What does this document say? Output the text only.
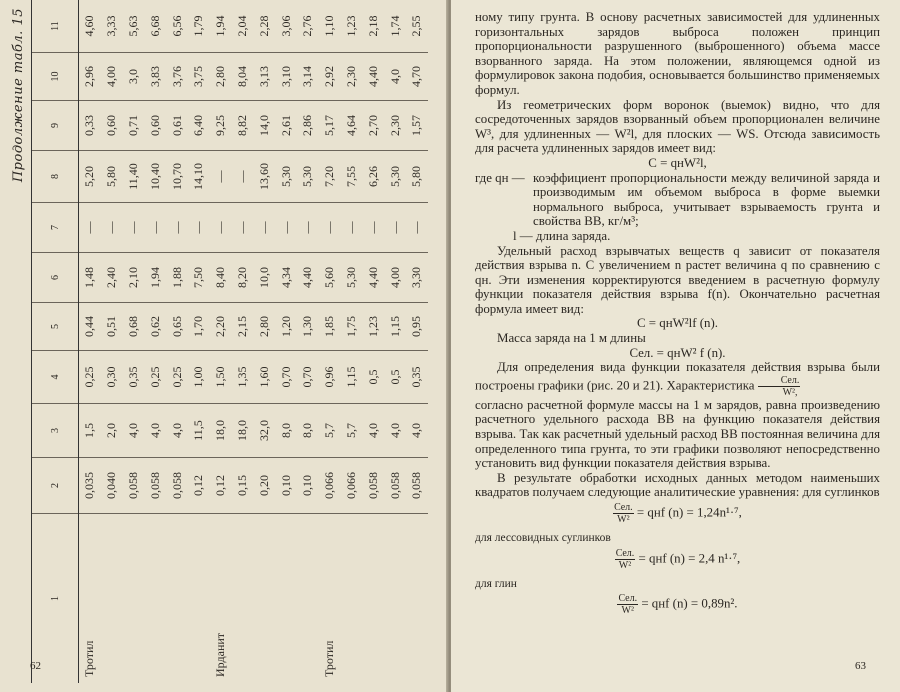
Продолжение табл. 15
1
2
3
4
5
6
7
8
9
10
11
Тротил
0,035
1,5
0,25
0,44
1,48
—
5,20
0,33
2,96
4,60
0,040
2,0
0,30
0,51
2,40
—
5,80
0,60
4,00
3,33
0,058
4,0
0,35
0,68
2,10
—
11,40
0,71
3,0
5,63
0,058
4,0
0,25
0,62
1,94
—
10,40
0,60
3,83
6,68
0,058
4,0
0,25
0,65
1,88
—
10,70
0,61
3,76
6,56
0,12
11,5
1,00
1,70
7,50
—
14,10
6,40
3,75
1,79
Ирданит
0,12
18,0
1,50
2,20
8,40
—
—
9,25
2,80
1,94
0,15
18,0
1,35
2,15
8,20
—
—
8,82
8,04
2,04
0,20
32,0
1,60
2,80
10,0
—
13,60
14,0
3,13
2,28
0,10
8,0
0,70
1,20
4,34
—
5,30
2,61
3,10
3,06
0,10
8,0
0,70
1,30
4,40
—
5,30
2,86
3,14
2,76
Тротил
0,066
5,7
0,96
1,85
5,60
—
7,20
5,17
2,92
1,10
0,066
5,7
1,15
1,75
5,30
—
7,55
4,64
2,30
1,23
0,058
4,0
0,5
1,23
4,40
—
6,26
2,70
4,40
2,18
0,058
4,0
0,5
1,15
4,00
—
5,30
2,30
4,0
1,74
0,058
4,0
0,35
0,95
3,30
—
5,80
1,57
4,70
2,55
62

ному типу грунта. В основу расчетных зависимостей для удлиненных горизонтальных зарядов выброса положен принцип пропорциональности разрушенного (выброшенного) объема массе взорванного заряда. На этом положении, являющемся одной из формулировок закона подобия, основывается большинство применяемых формул.

Из геометрических форм воронок (выемок) видно, что для сосредоточенных зарядов взорванный объем пропорционален величине W³, для удлиненных — W²l, для плоских — WS. Отсюда зависимость для расчета удлиненных зарядов имеет вид:

C = qнW²l,

где qн — коэффициент пропорциональности между величиной заряда и производимым им объемом выброса в форме выемки нормального выброса, учитывает взрываемость грунта и свойства ВВ, кг/м³;

l — длина заряда.

Удельный расход взрывчатых веществ q зависит от показателя действия взрыва n. С увеличением n растет величина q по сравнению с qн. Эти изменения корректируются введением в расчетную формулу функции показателя действия взрыва f(n). Окончательно расчетная формула имеет вид:

C = qнW²lf (n).

Масса заряда на 1 м длины

Cел. = qнW² f (n).

Для определения вида функции показателя действия взрыва были построены графики (рис. 20 и 21). Характеристика $\frac{\text{Cел.}}{\text{W²,}}$

согласно расчетной формуле массы на 1 м зарядов, равна произведению расчетного удельного расхода ВВ на функцию показателя действия взрыва. Так как расчетный удельный расход ВВ постоянная величина для определенного типа грунта, то эти графики позволяют непосредственно установить вид функции показателя действия взрыва.

В результате обработки исходных данных методом наименьших квадратов получаем следующие аналитические уравнения: для суглинков

$\frac{\text{Cел.}}{\text{W²}}$ = qнf (n) = 1,24n¹·⁷,

для лессовидных суглинков

$\frac{\text{Cел.}}{\text{W²}}$ = qнf (n) = 2,4 n¹·⁷,

для глин

$\frac{\text{Cел.}}{\text{W²}}$ = qнf (n) = 0,89n².
63
